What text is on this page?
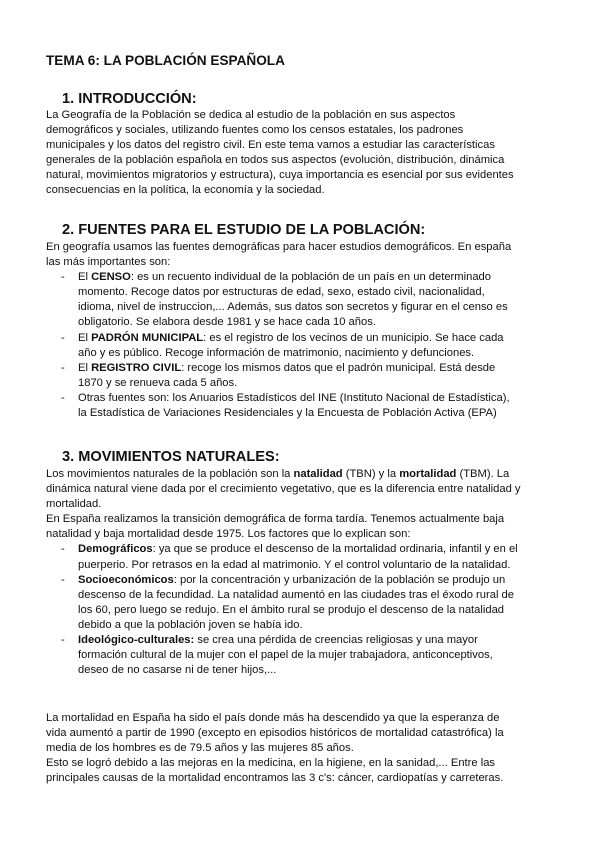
TEMA 6: LA POBLACIÓN ESPAÑOLA
1. INTRODUCCIÓN:

La Geografía de la Población se dedica al estudio de la población en sus aspectos

demográficos y sociales, utilizando fuentes como los censos estatales, los padrones

municipales y los datos del registro civil. En este tema vamos a estudiar las características

generales de la población española en todos sus aspectos (evolución, distribución, dinámica

natural, movimientos migratorios y estructura), cuya importancia es esencial por sus evidentes

consecuencias en la política, la economía y la sociedad.

2. FUENTES PARA EL ESTUDIO DE LA POBLACIÓN:

En geografía usamos las fuentes demográficas para hacer estudios demográficos. En españa

las más importantes son:

- El CENSO: es un recuento individual de la población de un país en un determinado

momento. Recoge datos por estructuras de edad, sexo, estado civil, nacionalidad,

idioma, nivel de instruccion,... Además, sus datos son secretos y figurar en el censo es

obligatorio. Se elabora desde 1981 y se hace cada 10 años.

- El PADRÓN MUNICIPAL: es el registro de los vecinos de un municipio. Se hace cada

año y es público. Recoge información de matrimonio, nacimiento y defunciones.

- El REGISTRO CIVIL: recoge los mismos datos que el padrón municipal. Está desde

1870 y se renueva cada 5 años.

- Otras fuentes son: los Anuarios Estadísticos del INE (Instituto Nacional de Estadística),

la Estadística de Variaciones Residenciales y la Encuesta de Población Activa (EPA)

3. MOVIMIENTOS NATURALES:

Los movimientos naturales de la población son la natalidad (TBN) y la mortalidad (TBM). La

dinámica natural viene dada por el crecimiento vegetativo, que es la diferencia entre natalidad y

mortalidad.

En España realizamos la transición demográfica de forma tardía. Tenemos actualmente baja

natalidad y baja mortalidad desde 1975. Los factores que lo explican son:

- Demográficos: ya que se produce el descenso de la mortalidad ordinaria, infantil y en el

puerperio. Por retrasos en la edad al matrimonio. Y el control voluntario de la natalidad.

- Socioeconómicos: por la concentración y urbanización de la población se produjo un

descenso de la fecundidad. La natalidad aumentó en las ciudades tras el éxodo rural de

los 60, pero luego se redujo. En el ámbito rural se produjo el descenso de la natalidad

debido a que la población joven se había ido.

- Ideológico-culturales: se crea una pérdida de creencias religiosas y una mayor

formación cultural de la mujer con el papel de la mujer trabajadora, anticonceptivos,

deseo de no casarse ni de tener hijos,...

La mortalidad en España ha sido el país donde más ha descendido ya que la esperanza de

vida aumentó a partir de 1990 (excepto en episodios históricos de mortalidad catastrófica) la

media de los hombres es de 79.5 años y las mujeres 85 años.

Esto se logró debido a las mejoras en la medicina, en la higiene, en la sanidad,... Entre las

principales causas de la mortalidad encontramos las 3 c's: cáncer, cardiopatías y carreteras.
